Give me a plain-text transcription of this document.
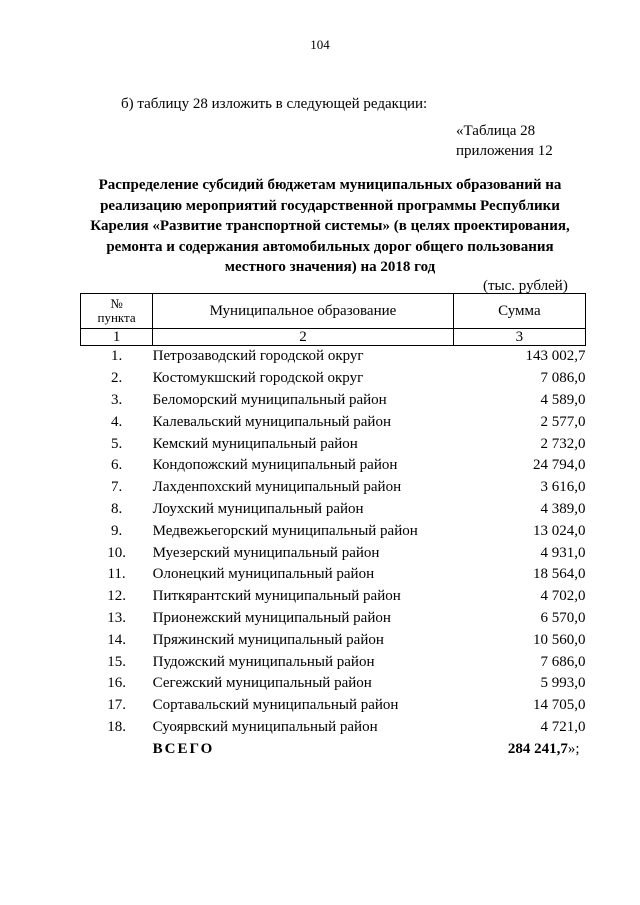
104
б) таблицу 28 изложить в следующей редакции:
«Таблица 28
приложения 12
Распределение субсидий бюджетам муниципальных образований на реализацию мероприятий государственной программы Республики Карелия «Развитие транспортной системы» (в целях проектирования, ремонта и содержания автомобильных дорог общего пользования местного значения) на 2018 год
(тыс. рублей)
№
пункта	Муниципальное образование	Сумма
1	2	3
1.	Петрозаводский городской округ	143 002,7
2.	Костомукшский городской округ	7 086,0
3.	Беломорский муниципальный район	4 589,0
4.	Калевальский муниципальный район	2 577,0
5.	Кемский муниципальный район	2 732,0
6.	Кондопожский муниципальный район	24 794,0
7.	Лахденпохский муниципальный район	3 616,0
8.	Лоухский муниципальный район	4 389,0
9.	Медвежьегорский муниципальный район	13 024,0
10.	Муезерский муниципальный район	4 931,0
11.	Олонецкий муниципальный район	18 564,0
12.	Питкярантский муниципальный район	4 702,0
13.	Прионежский муниципальный район	6 570,0
14.	Пряжинский муниципальный район	10 560,0
15.	Пудожский муниципальный район	7 686,0
16.	Сегежский муниципальный район	5 993,0
17.	Сортавальский муниципальный район	14 705,0
18.	Суоярвский муниципальный район	4 721,0
	ВСЕГО	284 241,7»;
